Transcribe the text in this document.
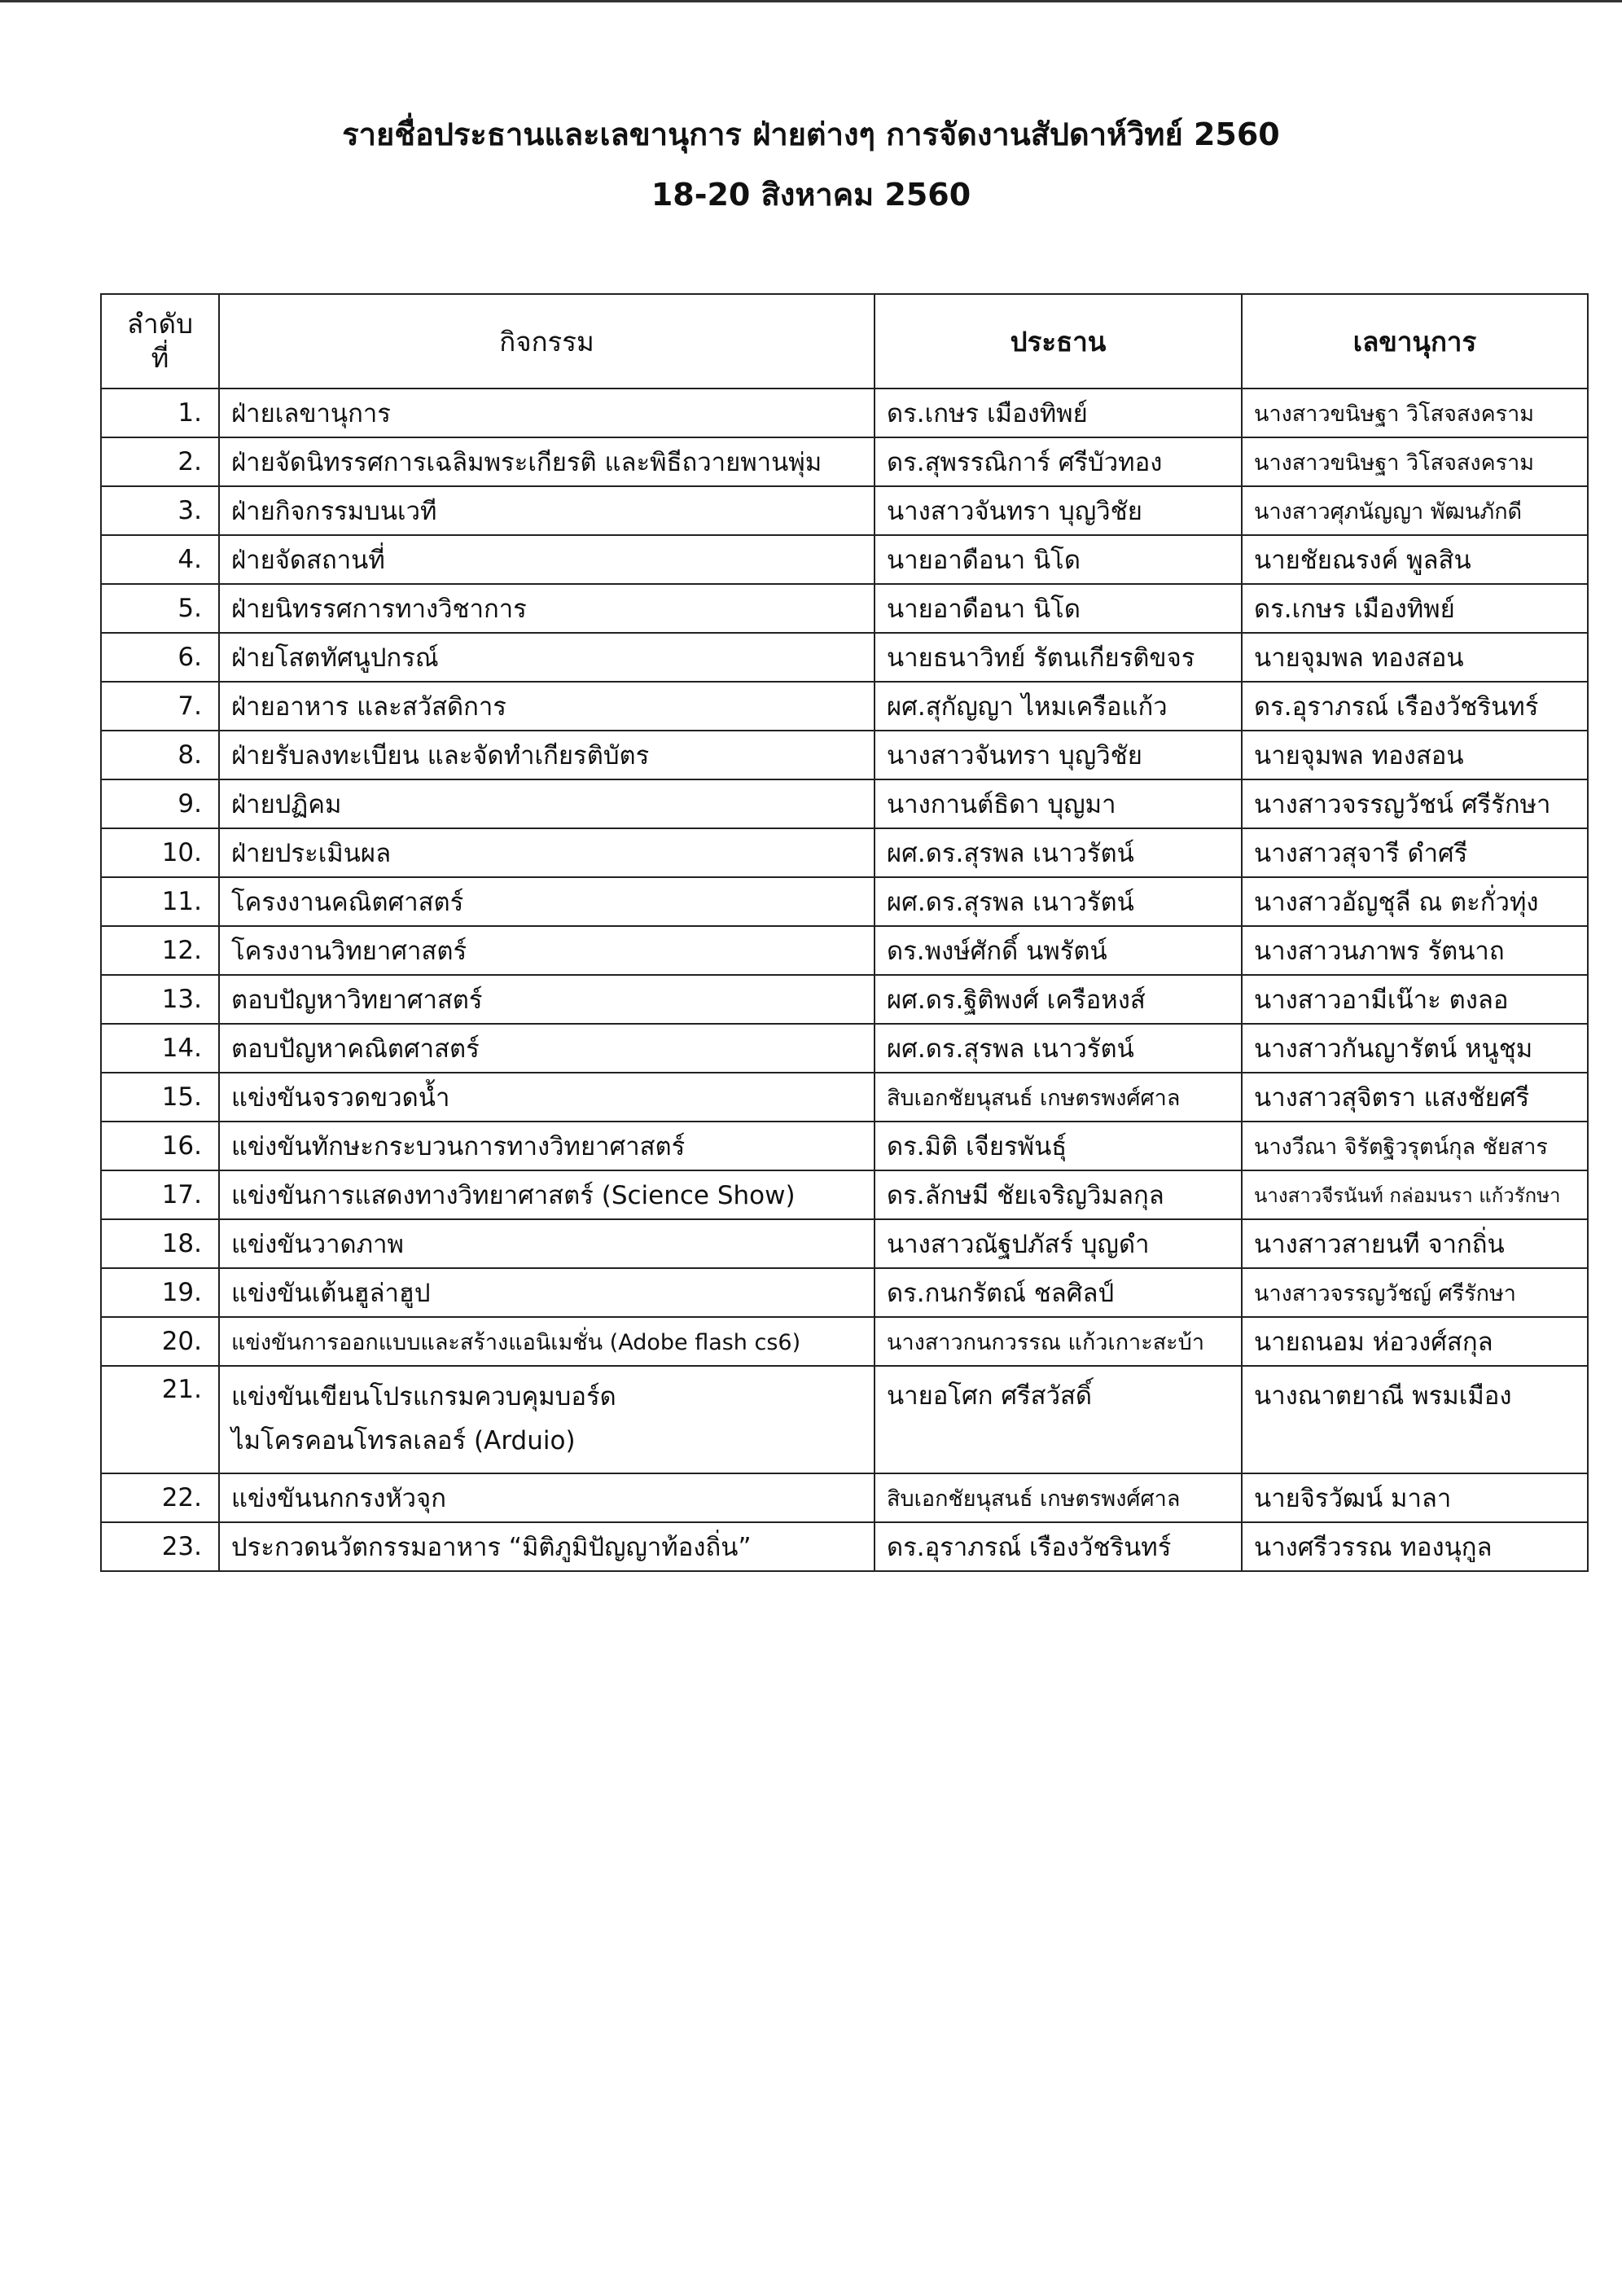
รายชื่อประธานและเลขานุการ ฝ่ายต่างๆ การจัดงานสัปดาห์วิทย์ 2560
18-20 สิงหาคม 2560
ลำดับ
ที่	กิจกรรม	ประธาน	เลขานุการ
1.	ฝ่ายเลขานุการ	ดร.เกษร เมืองทิพย์	นางสาวขนิษฐา วิโสจสงคราม
2.	ฝ่ายจัดนิทรรศการเฉลิมพระเกียรติ และพิธีถวายพานพุ่ม	ดร.สุพรรณิการ์ ศรีบัวทอง	นางสาวขนิษฐา วิโสจสงคราม
3.	ฝ่ายกิจกรรมบนเวที	นางสาวจันทรา บุญวิชัย	นางสาวศุภนัญญา พัฒนภักดี
4.	ฝ่ายจัดสถานที่	นายอาดือนา นิโด	นายชัยณรงค์ พูลสิน
5.	ฝ่ายนิทรรศการทางวิชาการ	นายอาดือนา นิโด	ดร.เกษร เมืองทิพย์
6.	ฝ่ายโสตทัศนูปกรณ์	นายธนาวิทย์ รัตนเกียรติขจร	นายจุมพล ทองสอน
7.	ฝ่ายอาหาร และสวัสดิการ	ผศ.สุกัญญา ไหมเครือแก้ว	ดร.อุราภรณ์ เรืองวัชรินทร์
8.	ฝ่ายรับลงทะเบียน และจัดทำเกียรติบัตร	นางสาวจันทรา บุญวิชัย	นายจุมพล ทองสอน
9.	ฝ่ายปฏิคม	นางกานต์ธิดา บุญมา	นางสาวจรรญวัชน์ ศรีรักษา
10.	ฝ่ายประเมินผล	ผศ.ดร.สุรพล เนาวรัตน์	นางสาวสุจารี ดำศรี
11.	โครงงานคณิตศาสตร์	ผศ.ดร.สุรพล เนาวรัตน์	นางสาวอัญชุลี ณ ตะกั่วทุ่ง
12.	โครงงานวิทยาศาสตร์	ดร.พงษ์ศักดิ์ นพรัตน์	นางสาวนภาพร รัตนาถ
13.	ตอบปัญหาวิทยาศาสตร์	ผศ.ดร.ฐิติพงศ์ เครือหงส์	นางสาวอามีเน๊าะ ตงลอ
14.	ตอบปัญหาคณิตศาสตร์	ผศ.ดร.สุรพล เนาวรัตน์	นางสาวกันญารัตน์ หนูชุม
15.	แข่งขันจรวดขวดน้ำ	สิบเอกชัยนุสนธ์ เกษตรพงศ์ศาล	นางสาวสุจิตรา แสงชัยศรี
16.	แข่งขันทักษะกระบวนการทางวิทยาศาสตร์	ดร.มิติ เจียรพันธุ์	นางวีณา จิรัตฐิวรุตน์กุล ชัยสาร
17.	แข่งขันการแสดงทางวิทยาศาสตร์ (Science Show)	ดร.ลักษมี ชัยเจริญวิมลกุล	นางสาวจีรนันท์ กล่อมนรา แก้วรักษา
18.	แข่งขันวาดภาพ	นางสาวณัฐปภัสร์ บุญดำ	นางสาวสายนที จากถิ่น
19.	แข่งขันเต้นฮูล่าฮูป	ดร.กนกรัตณ์ ชลศิลป์	นางสาวจรรญวัชญ์ ศรีรักษา
20.	แข่งขันการออกแบบและสร้างแอนิเมชั่น (Adobe flash cs6)	นางสาวกนกวรรณ แก้วเกาะสะบ้า	นายถนอม ห่อวงศ์สกุล
21.	แข่งขันเขียนโปรแกรมควบคุมบอร์ด
ไมโครคอนโทรลเลอร์ (Arduio)	นายอโศก ศรีสวัสดิ์	นางณาตยาณี พรมเมือง
22.	แข่งขันนกกรงหัวจุก	สิบเอกชัยนุสนธ์ เกษตรพงศ์ศาล	นายจิรวัฒน์ มาลา
23.	ประกวดนวัตกรรมอาหาร “มิติภูมิปัญญาท้องถิ่น”	ดร.อุราภรณ์ เรืองวัชรินทร์	นางศรีวรรณ ทองนุกูล
